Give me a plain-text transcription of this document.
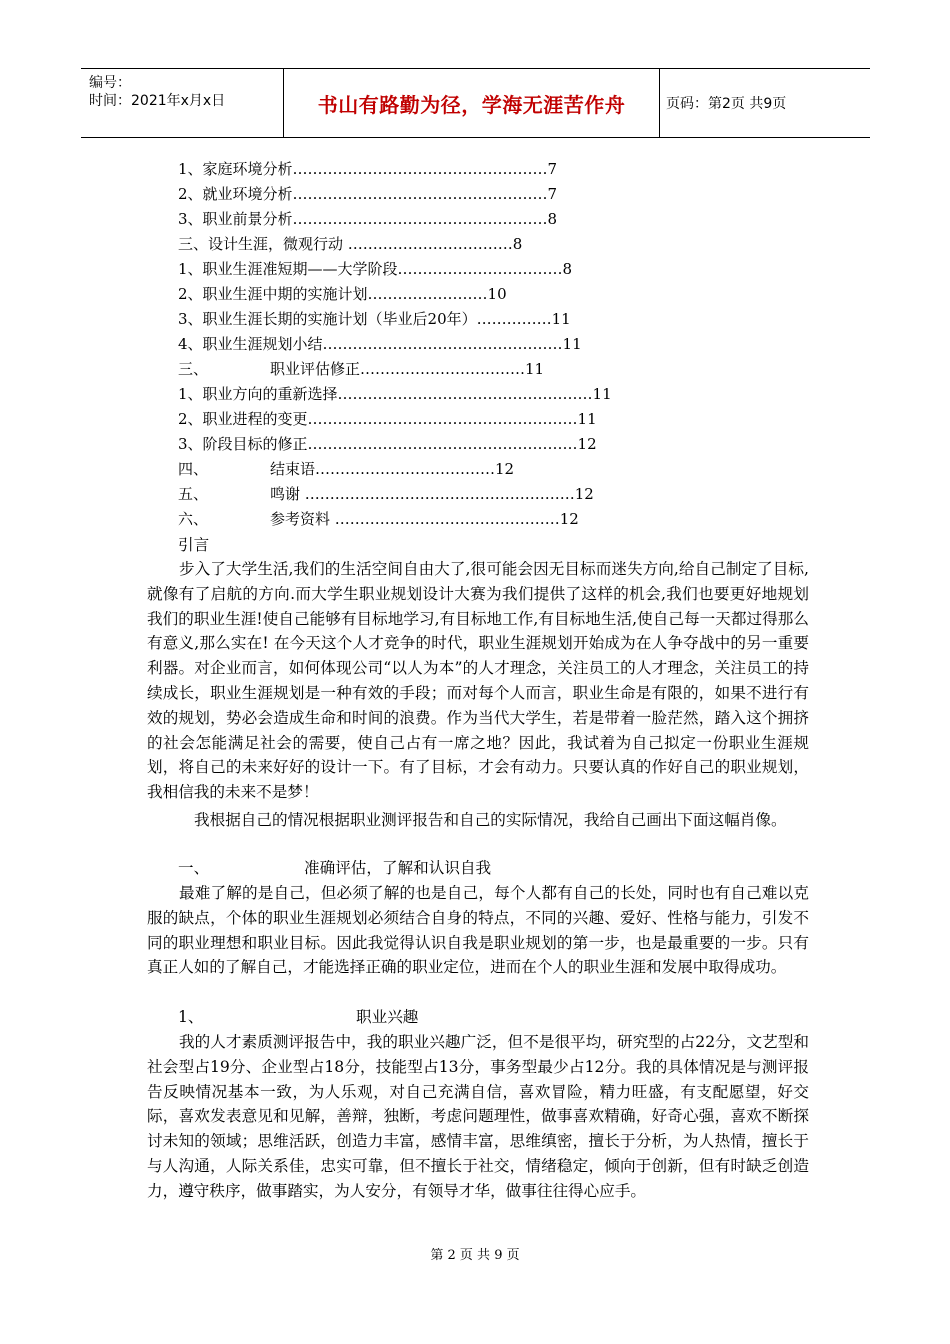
编号：
时间：2021年x月x日	书山有路勤为径，学海无涯苦作舟	页码：第2页 共9页
1、家庭环境分析……………………………………………7
2、就业环境分析……………………………………………7
3、职业前景分析……………………………………………8
三、设计生涯，微观行动 ……………………………8
1、职业生涯准短期——大学阶段……………………………8
2、职业生涯中期的实施计划……………………10
3、职业生涯长期的实施计划（毕业后20年）……………11
4、职业生涯规划小结…………………………………………11
三、	职业评估修正……………………………11
1、职业方向的重新选择……………………………………………11
2、职业进程的变更………………………………………………11
3、阶段目标的修正………………………………………………12
四、	结束语………………………………12
五、	鸣谢 ………………………………………………12
六、	参考资料 ………………………………………12
引言

步入了大学生活,我们的生活空间自由大了,很可能会因无目标而迷失方向,给自己制定了目标,就像有了启航的方向.而大学生职业规划设计大赛为我们提供了这样的机会,我们也要更好地规划我们的职业生涯!使自己能够有目标地学习,有目标地工作,有目标地生活,使自己每一天都过得那么有意义,那么实在! 在今天这个人才竞争的时代，职业生涯规划开始成为在人争夺战中的另一重要利器。对企业而言，如何体现公司“以人为本”的人才理念，关注员工的人才理念，关注员工的持续成长，职业生涯规划是一种有效的手段；而对每个人而言，职业生命是有限的，如果不进行有效的规划，势必会造成生命和时间的浪费。作为当代大学生，若是带着一脸茫然，踏入这个拥挤的社会怎能满足社会的需要，使自己占有一席之地？因此，我试着为自己拟定一份职业生涯规划，将自己的未来好好的设计一下。有了目标，才会有动力。只要认真的作好自己的职业规划，我相信我的未来不是梦！

我根据自己的情况根据职业测评报告和自己的实际情况，我给自己画出下面这幅肖像。

一、	准确评估，了解和认识自我

最难了解的是自己，但必须了解的也是自己，每个人都有自己的长处，同时也有自己难以克服的缺点，个体的职业生涯规划必须结合自身的特点，不同的兴趣、爱好、性格与能力，引发不同的职业理想和职业目标。因此我觉得认识自我是职业规划的第一步，也是最重要的一步。只有真正人如的了解自己，才能选择正确的职业定位，进而在个人的职业生涯和发展中取得成功。

1、	职业兴趣

我的人才素质测评报告中，我的职业兴趣广泛，但不是很平均，研究型的占22分，文艺型和社会型占19分、企业型占18分，技能型占13分，事务型最少占12分。我的具体情况是与测评报告反映情况基本一致，为人乐观，对自己充满自信，喜欢冒险，精力旺盛，有支配愿望，好交际，喜欢发表意见和见解，善辩，独断，考虑问题理性，做事喜欢精确，好奇心强，喜欢不断探讨未知的领域；思维活跃，创造力丰富，感情丰富，思维缜密，擅长于分析，为人热情，擅长于与人沟通，人际关系佳，忠实可靠，但不擅长于社交，情绪稳定，倾向于创新，但有时缺乏创造力，遵守秩序，做事踏实，为人安分，有领导才华，做事往往得心应手。

第 2 页 共 9 页
